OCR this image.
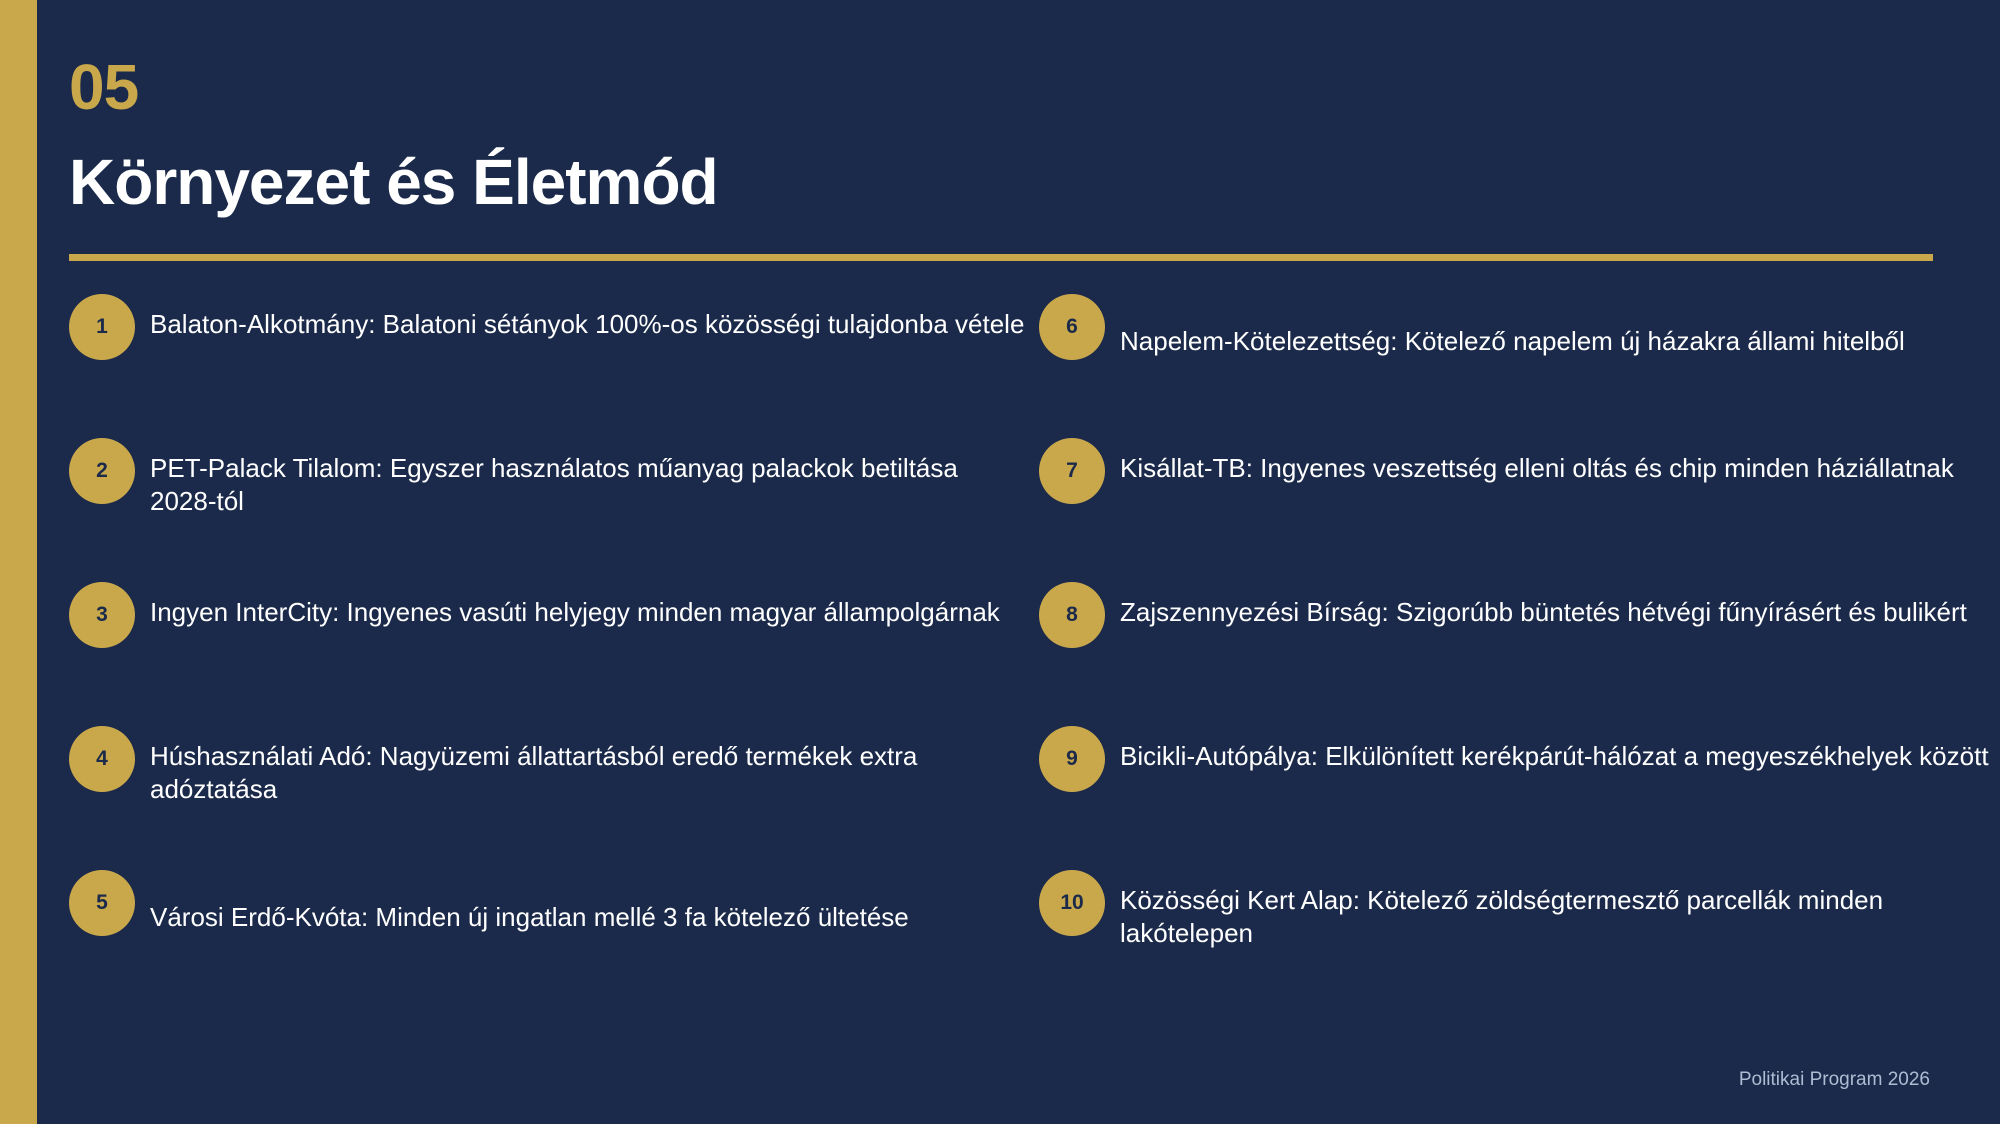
05
Környezet és Életmód
1	Balaton-Alkotmány: Balatoni sétányok 100%-os közösségi tulajdonba vétele
2	PET-Palack Tilalom: Egyszer használatos műanyag palackok betiltása 2028-tól
3	Ingyen InterCity: Ingyenes vasúti helyjegy minden magyar állampolgárnak
4	Húshasználati Adó: Nagyüzemi állattartásból eredő termékek extra adóztatása
5	Városi Erdő-Kvóta: Minden új ingatlan mellé 3 fa kötelező ültetése
6	Napelem-Kötelezettség: Kötelező napelem új házakra állami hitelből
7	Kisállat-TB: Ingyenes veszettség elleni oltás és chip minden háziállatnak
8	Zajszennyezési Bírság: Szigorúbb büntetés hétvégi fűnyírásért és bulikért
9	Bicikli-Autópálya: Elkülönített kerékpárút-hálózat a megyeszékhelyek között
10	Közösségi Kert Alap: Kötelező zöldségtermesztő parcellák minden lakótelepen
Politikai Program 2026
